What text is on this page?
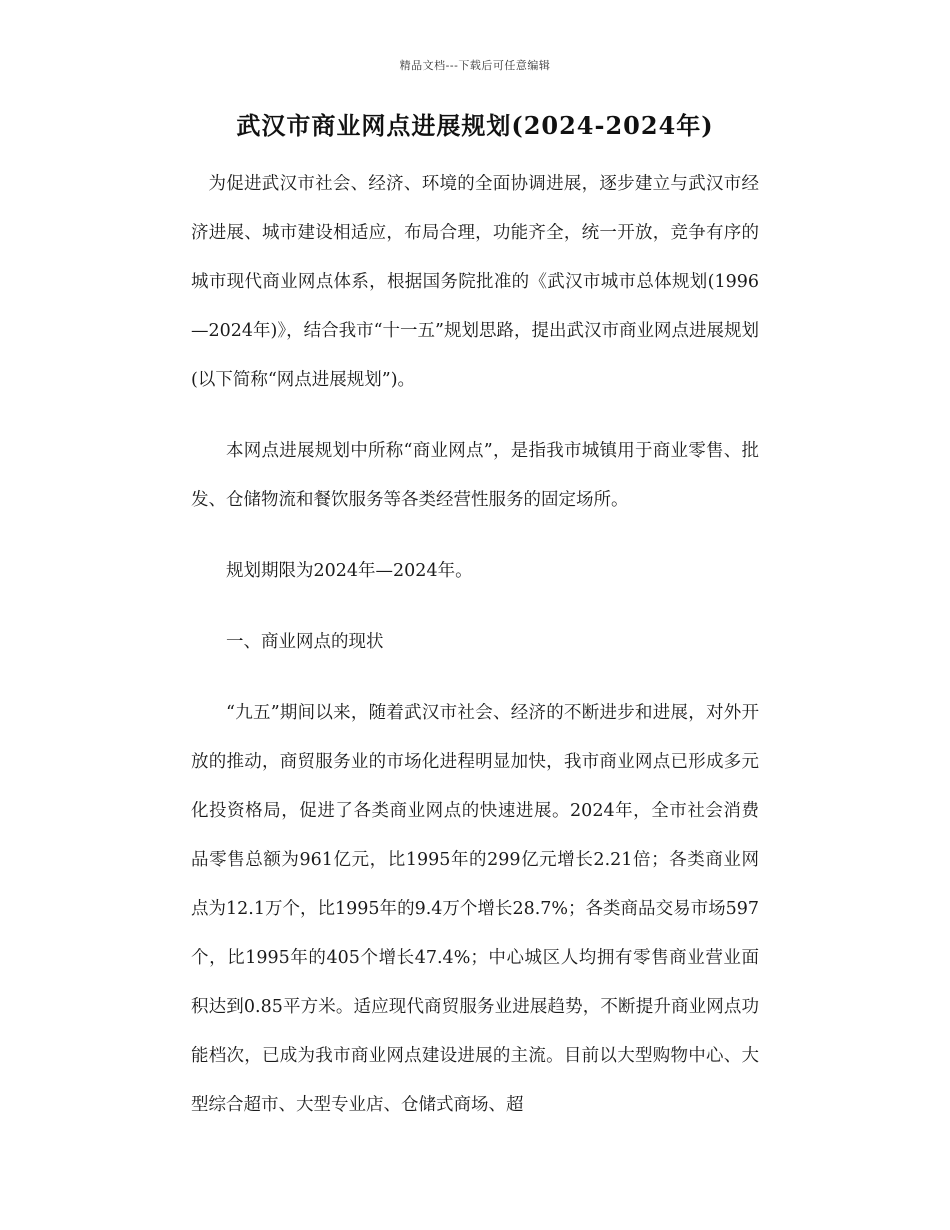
精品文档---下载后可任意编辑
武汉市商业网点进展规划(2024-2024年)

为促进武汉市社会、经济、环境的全面协调进展，逐步建立与武汉市经济进展、城市建设相适应，布局合理，功能齐全，统一开放，竞争有序的城市现代商业网点体系，根据国务院批准的《武汉市城市总体规划(1996—2024年)》，结合我市“十一五”规划思路，提出武汉市商业网点进展规划(以下简称“网点进展规划”)。

本网点进展规划中所称“商业网点”，是指我市城镇用于商业零售、批发、仓储物流和餐饮服务等各类经营性服务的固定场所。

规划期限为2024年—2024年。

一、商业网点的现状

“九五”期间以来，随着武汉市社会、经济的不断进步和进展，对外开放的推动，商贸服务业的市场化进程明显加快，我市商业网点已形成多元化投资格局，促进了各类商业网点的快速进展。2024年，全市社会消费品零售总额为961亿元，比1995年的299亿元增长2.21倍；各类商业网点为12.1万个，比1995年的9.4万个增长28.7%；各类商品交易市场597个，比1995年的405个增长47.4%；中心城区人均拥有零售商业营业面积达到0.85平方米。适应现代商贸服务业进展趋势，不断提升商业网点功能档次，已成为我市商业网点建设进展的主流。目前以大型购物中心、大型综合超市、大型专业店、仓储式商场、超
